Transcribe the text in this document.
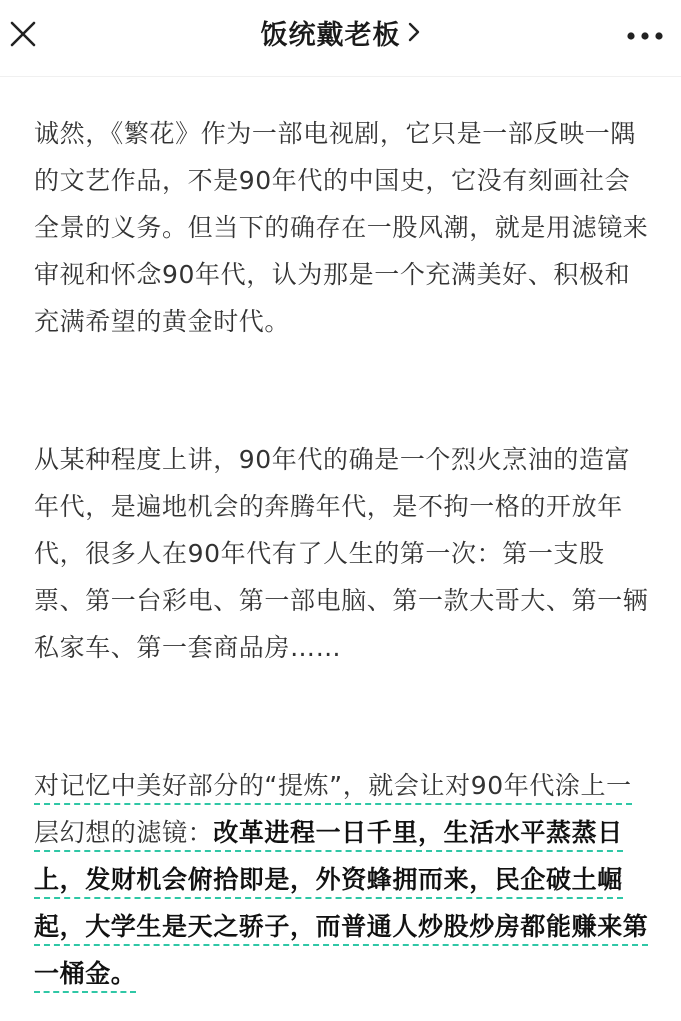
饭统戴老板

诚然，《繁花》作为一部电视剧，它只是一部反映一隅的文艺作品，不是90年代的中国史，它没有刻画社会全景的义务。但当下的确存在一股风潮，就是用滤镜来审视和怀念90年代，认为那是一个充满美好、积极和充满希望的黄金时代。

从某种程度上讲，90年代的确是一个烈火烹油的造富年代，是遍地机会的奔腾年代，是不拘一格的开放年代，很多人在90年代有了人生的第一次：第一支股票、第一台彩电、第一部电脑、第一款大哥大、第一辆私家车、第一套商品房……

对记忆中美好部分的“提炼”，就会让对90年代涂上一层幻想的滤镜：改革进程一日千里，生活水平蒸蒸日上，发财机会俯拾即是，外资蜂拥而来，民企破土崛起，大学生是天之骄子，而普通人炒股炒房都能赚来第一桶金。
